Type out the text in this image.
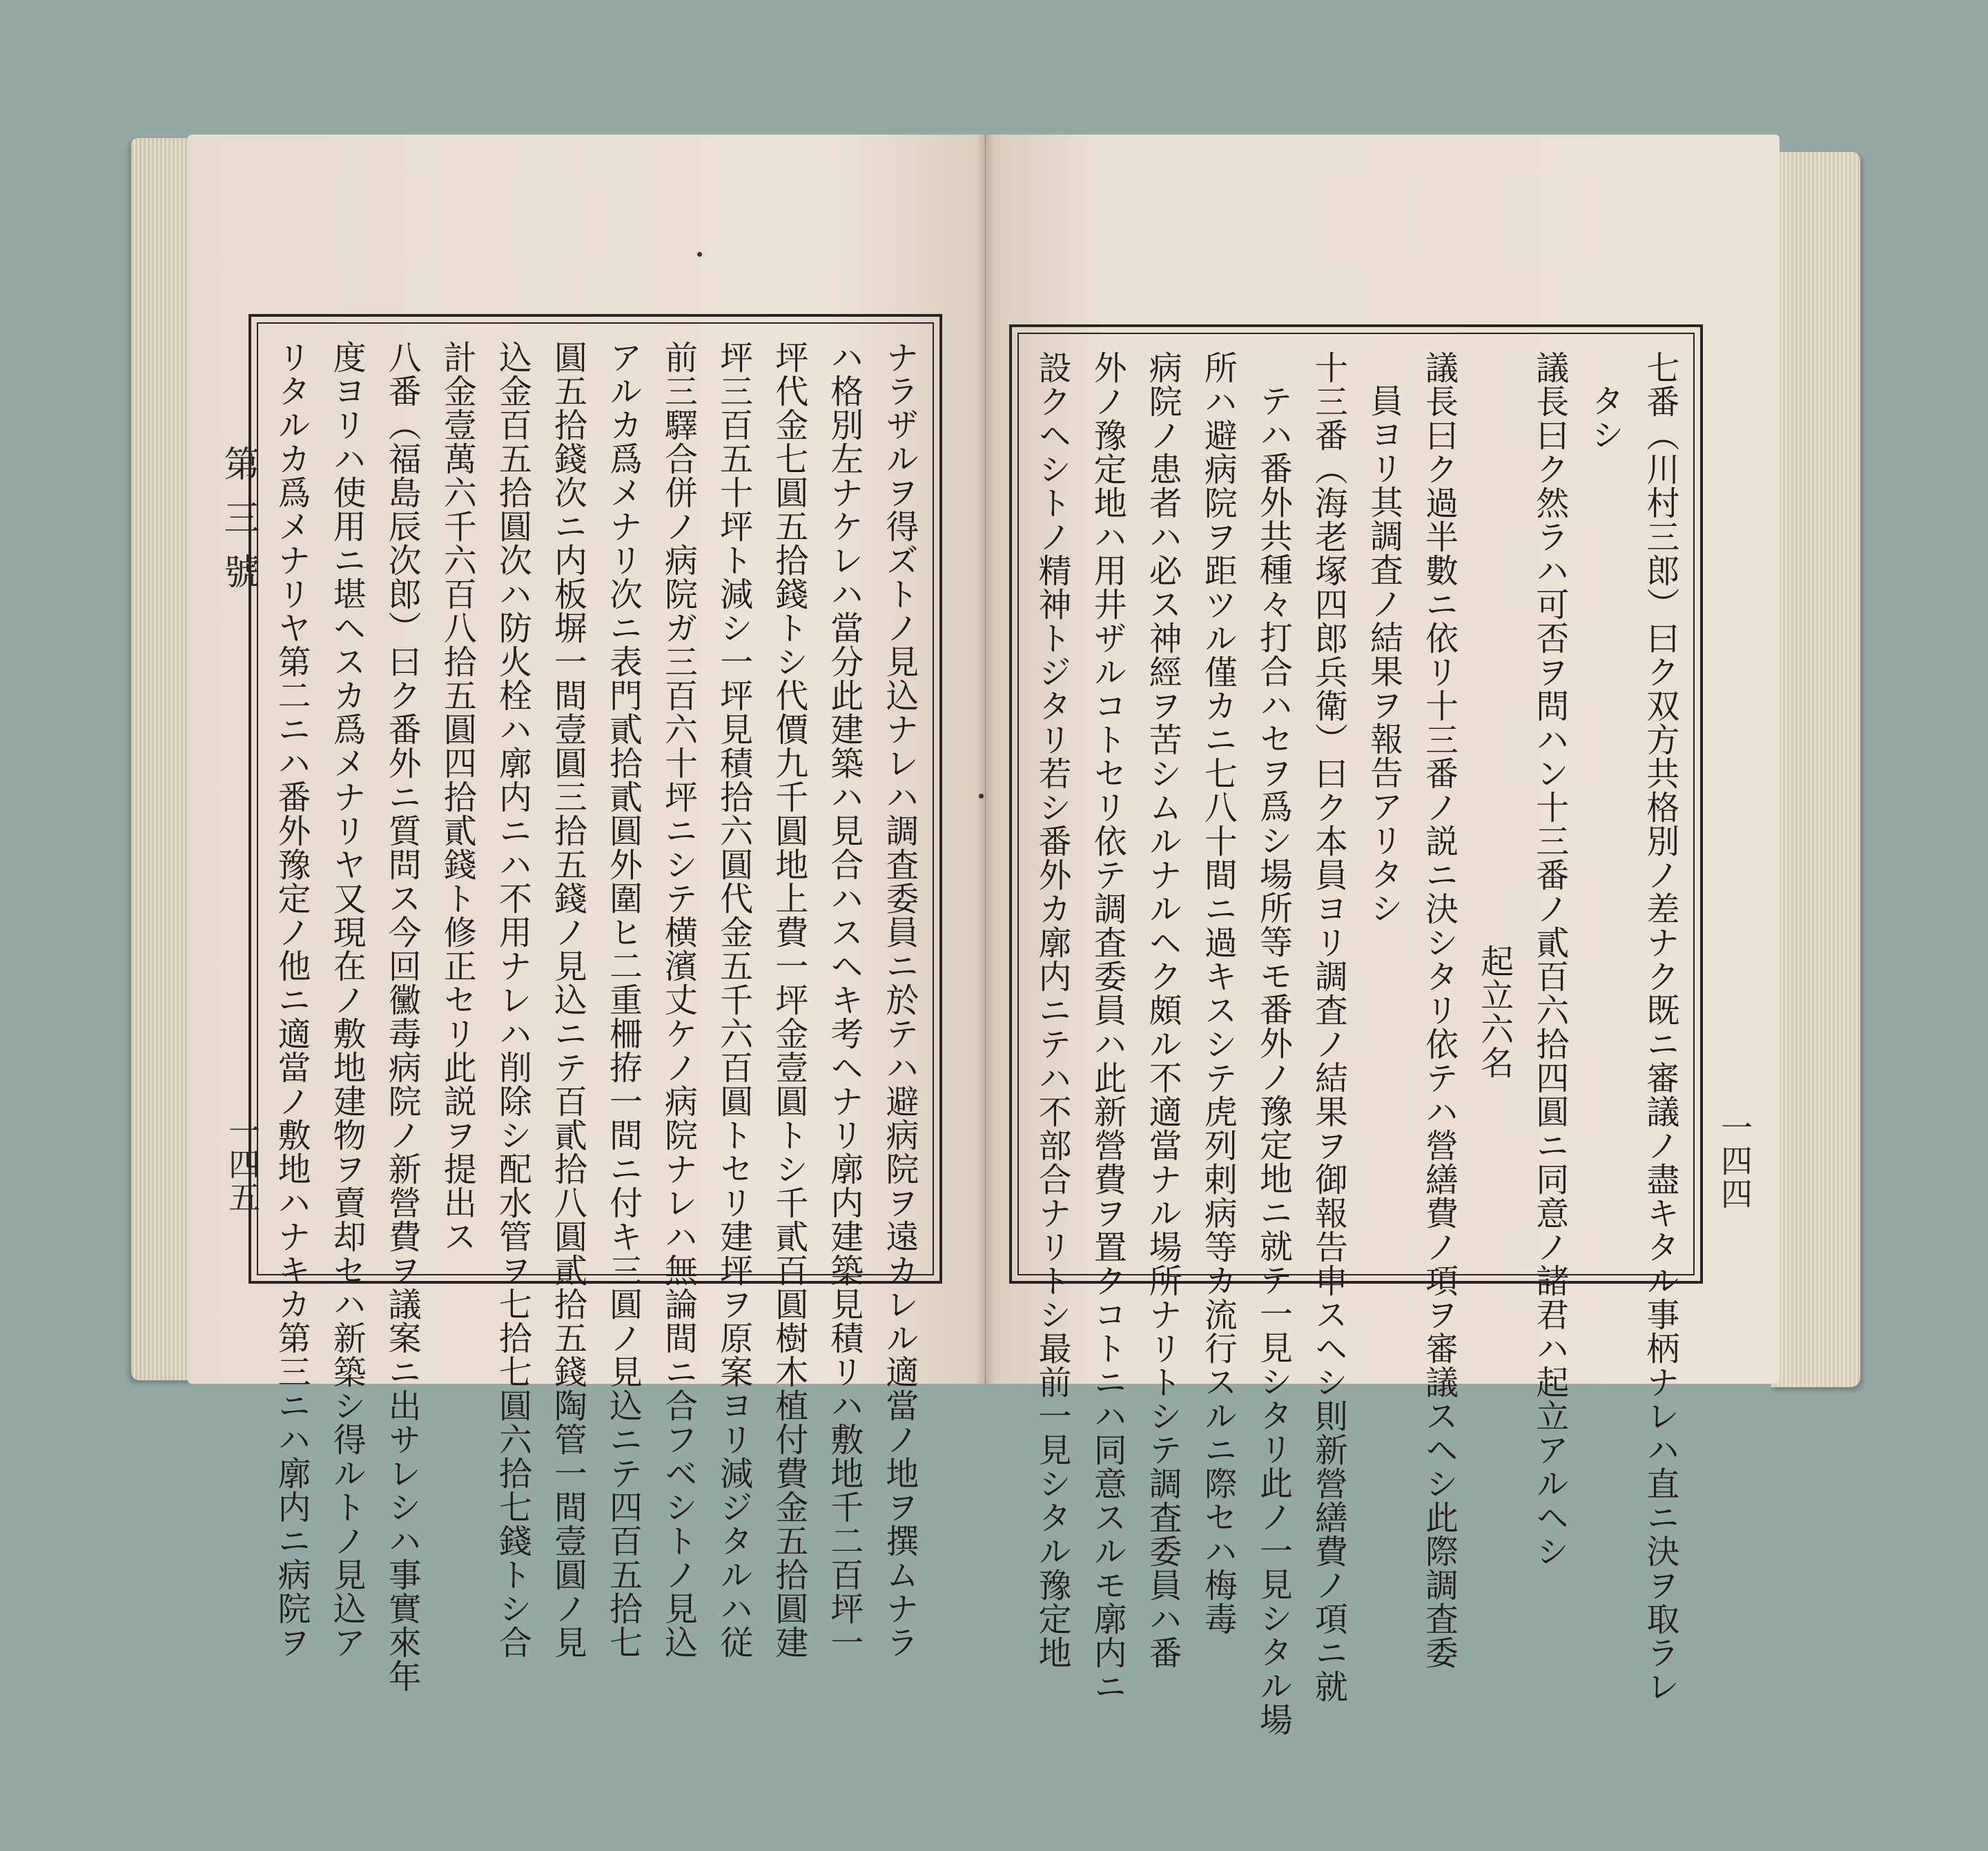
第三號
一四五	ナラザルヲ得ズトノ見込ナレハ調査委員ニ於テハ避病院ヲ遠カレル適當ノ地ヲ撰ムナラ
ハ格別左ナケレハ當分此建築ハ見合ハスヘキ考ヘナリ廓内建築見積リハ敷地千二百坪一
坪代金七圓五拾錢トシ代價九千圓地上費一坪金壹圓トシ千貳百圓樹木植付費金五拾圓建
坪三百五十坪ト減シ一坪見積拾六圓代金五千六百圓トセリ建坪ヲ原案ヨリ減ジタルハ従
前三驛合併ノ病院ガ三百六十坪ニシテ横濱丈ケノ病院ナレハ無論間ニ合フベシトノ見込
アルカ爲メナリ次ニ表門貳拾貳圓外圍ヒ二重柵拵一間ニ付キ三圓ノ見込ニテ四百五拾七
圓五拾錢次ニ内板塀一間壹圓三拾五錢ノ見込ニテ百貳拾八圓貳拾五錢陶管一間壹圓ノ見
込金百五拾圓次ハ防火栓ハ廓内ニハ不用ナレハ削除シ配水管ヲ七拾七圓六拾七錢トシ合
計金壹萬六千六百八拾五圓四拾貳錢ト修正セリ此説ヲ提出ス
八番（福島辰次郎）曰ク番外ニ質問ス今回黴毒病院ノ新營費ヲ議案ニ出サレシハ事實來年
度ヨリハ使用ニ堪ヘスカ爲メナリヤ又現在ノ敷地建物ヲ賣却セハ新築シ得ルトノ見込ア
リタルカ爲メナリヤ第二ニハ番外豫定ノ他ニ適當ノ敷地ハナキカ第三ニハ廓内ニ病院ヲ	七番（川村三郎）曰ク双方共格別ノ差ナク既ニ審議ノ盡キタル事柄ナレハ直ニ決ヲ取ラレ
タシ
議長曰ク然ラハ可否ヲ問ハン十三番ノ貳百六拾四圓ニ同意ノ諸君ハ起立アルヘシ
起立六名
議長曰ク過半數ニ依リ十三番ノ説ニ決シタリ依テハ營繕費ノ項ヲ審議スヘシ此際調査委
員ヨリ其調査ノ結果ヲ報告アリタシ
十三番（海老塚四郎兵衛）曰ク本員ヨリ調査ノ結果ヲ御報告申スヘシ則新營繕費ノ項ニ就
テハ番外共種々打合ハセヲ爲シ場所等モ番外ノ豫定地ニ就テ一見シタリ此ノ一見シタル場
所ハ避病院ヲ距ツル僅カニ七八十間ニ過キスシテ虎列剌病等カ流行スルニ際セハ梅毒
病院ノ患者ハ必ス神經ヲ苦シムルナルヘク頗ル不適當ナル場所ナリトシテ調査委員ハ番
外ノ豫定地ハ用井ザルコトセリ依テ調査委員ハ此新營費ヲ置クコトニハ同意スルモ廓内ニ
設クヘシトノ精神トジタリ若シ番外カ廓内ニテハ不部合ナリトシ最前一見シタル豫定地	一四四
